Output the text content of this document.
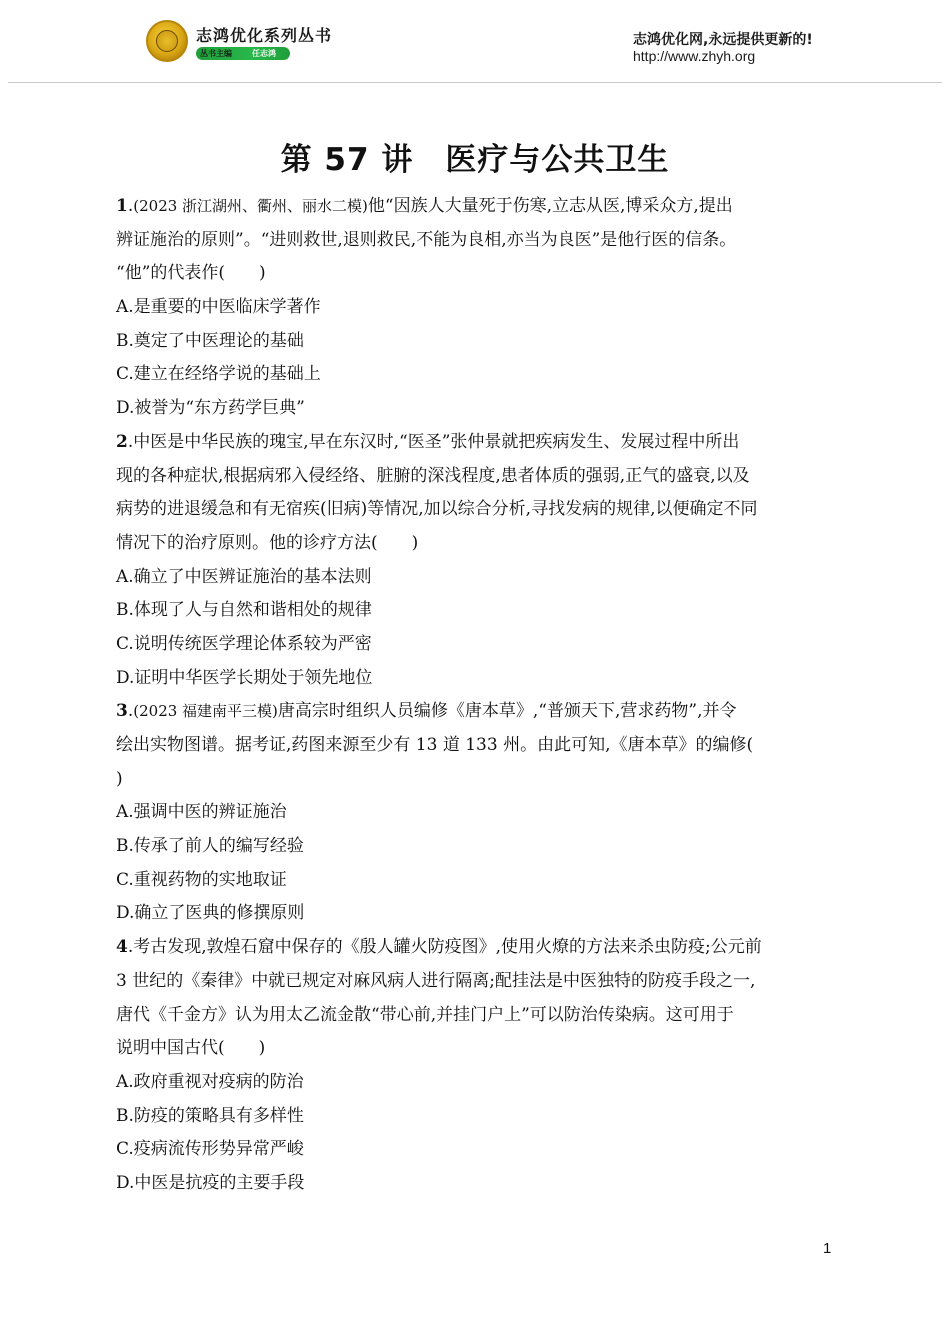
志鸿优化系列丛书
丛书主编	任志鸿
志鸿优化网,永远提供更新的!
http://www.zhyh.org
第 57 讲　医疗与公共卫生
1.(2023 浙江湖州、衢州、丽水二模)他“因族人大量死于伤寒,立志从医,博采众方,提出
辨证施治的原则”。“进则救世,退则救民,不能为良相,亦当为良医”是他行医的信条。
“他”的代表作(　　)
A.是重要的中医临床学著作
B.奠定了中医理论的基础
C.建立在经络学说的基础上
D.被誉为“东方药学巨典”
2.中医是中华民族的瑰宝,早在东汉时,“医圣”张仲景就把疾病发生、发展过程中所出
现的各种症状,根据病邪入侵经络、脏腑的深浅程度,患者体质的强弱,正气的盛衰,以及
病势的进退缓急和有无宿疾(旧病)等情况,加以综合分析,寻找发病的规律,以便确定不同
情况下的治疗原则。他的诊疗方法(　　)
A.确立了中医辨证施治的基本法则
B.体现了人与自然和谐相处的规律
C.说明传统医学理论体系较为严密
D.证明中华医学长期处于领先地位
3.(2023 福建南平三模)唐高宗时组织人员编修《唐本草》,“普颁天下,营求药物”,并令
绘出实物图谱。据考证,药图来源至少有 13 道 133 州。由此可知,《唐本草》的编修(
)
A.强调中医的辨证施治
B.传承了前人的编写经验
C.重视药物的实地取证
D.确立了医典的修撰原则
4.考古发现,敦煌石窟中保存的《殷人罐火防疫图》,使用火燎的方法来杀虫防疫;公元前
3 世纪的《秦律》中就已规定对麻风病人进行隔离;配挂法是中医独特的防疫手段之一,
唐代《千金方》认为用太乙流金散“带心前,并挂门户上”可以防治传染病。这可用于
说明中国古代(　　)
A.政府重视对疫病的防治
B.防疫的策略具有多样性
C.疫病流传形势异常严峻
D.中医是抗疫的主要手段
1
